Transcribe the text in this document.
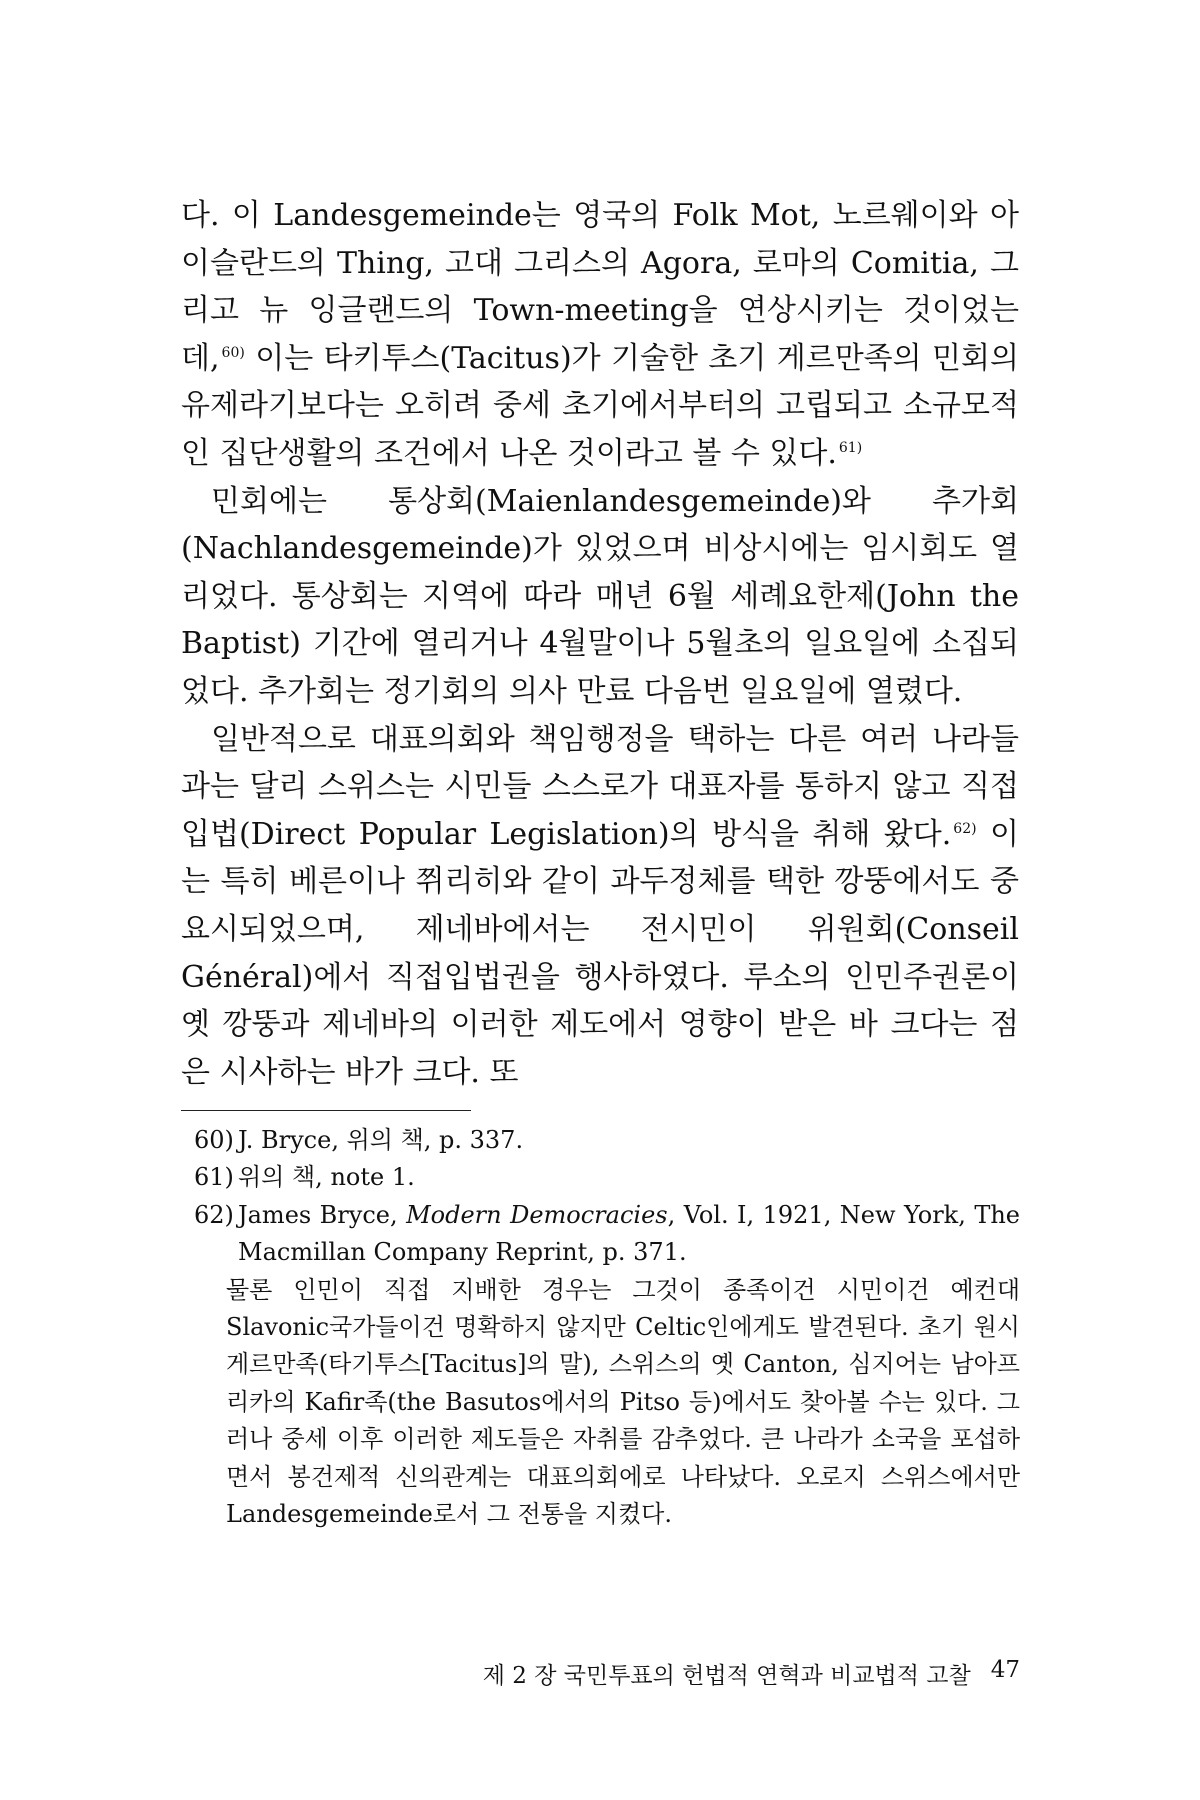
다. 이 Landesgemeinde는 영국의 Folk Mot, 노르웨이와 아이슬란드의 Thing, 고대 그리스의 Agora, 로마의 Comitia, 그리고 뉴 잉글랜드의 Town-meeting을 연상시키는 것이었는데, $^{60)}$ 이는 타키투스(Tacitus)가 기술한 초기 게르만족의 민회의 유제라기보다는 오히려 중세 초기에서부터의 고립되고 소규모적인 집단생활의 조건에서 나온 것이라고 볼 수 있다. $^{61)}$

민회에는 통상회(Maienlandesgemeinde)와 추가회(Nachlandesgemeinde)가 있었으며 비상시에는 임시회도 열리었다. 통상회는 지역에 따라 매년 6월 세례요한제(John the Baptist) 기간에 열리거나 4월말이나 5월초의 일요일에 소집되었다. 추가회는 정기회의 의사 만료 다음번 일요일에 열렸다.

일반적으로 대표의회와 책임행정을 택하는 다른 여러 나라들과는 달리 스위스는 시민들 스스로가 대표자를 통하지 않고 직접입법(Direct Popular Legislation)의 방식을 취해 왔다. $^{62)}$ 이는 특히 베른이나 쮜리히와 같이 과두정체를 택한 깡뚱에서도 중요시되었으며, 제네바에서는 전시민이 위원회(Conseil Général)에서 직접입법권을 행사하였다. 루소의 인민주권론이 옛 깡뚱과 제네바의 이러한 제도에서 영향이 받은 바 크다는 점은 시사하는 바가 크다. 또

60) J. Bryce, 위의 책, p. 337.
61) 위의 책, note 1.
62) James Bryce, Modern Democracies, Vol. I, 1921, New York, The Macmillan Company Reprint, p. 371.
물론 인민이 직접 지배한 경우는 그것이 종족이건 시민이건 예컨대 Slavonic국가들이건 명확하지 않지만 Celtic인에게도 발견된다. 초기 원시게르만족(타기투스[Tacitus]의 말), 스위스의 옛 Canton, 심지어는 남아프리카의 Kafir족(the Basutos에서의 Pitso 등)에서도 찾아볼 수는 있다. 그러나 중세 이후 이러한 제도들은 자취를 감추었다. 큰 나라가 소국을 포섭하면서 봉건제적 신의관계는 대표의회에로 나타났다. 오로지 스위스에서만 Landesgemeinde로서 그 전통을 지켰다.
제 2 장 국민투표의 헌법적 연혁과 비교법적 고찰 47
